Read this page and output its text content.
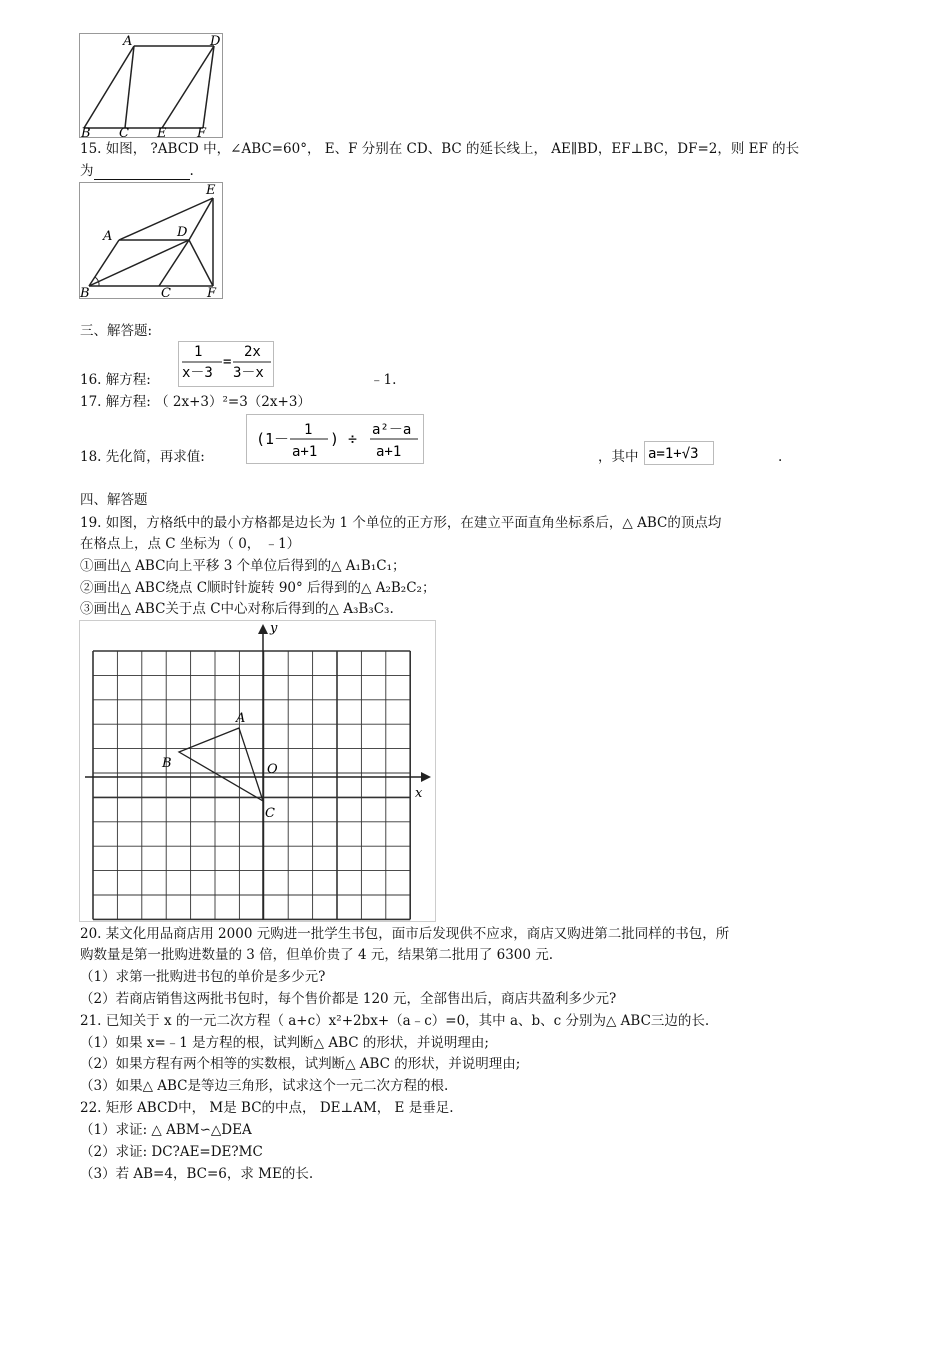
A	D
B C E F
15. 如图， ?ABCD 中，∠ABC=60°， E、F 分别在 CD、BC 的延长线上， AE∥BD，EF⊥BC，DF=2，则 EF 的长
为	.
A	D
E
B	C	F
三、解答题:
1
x－3
=
2x
3－x
16. 解方程:	﹣1.
17. 解方程: （ 2x+3）²=3（2x+3）
(1－ 1
a+1
) ÷ a²－a
a+1
18. 先化简，再求值:	，其中 a=1+√3	.
四、解答题
19. 如图，方格纸中的最小方格都是边长为 1 个单位的正方形，在建立平面直角坐标系后，△ ABC的顶点均
在格点上，点 C 坐标为（ 0， ﹣1）
①画出△ ABC向上平移 3 个单位后得到的△ A₁B₁C₁；
②画出△ ABC绕点 C顺时针旋转 90° 后得到的△ A₂B₂C₂；
③画出△ ABC关于点 C中心对称后得到的△ A₃B₃C₃.
A
B
C
O
x
y
20. 某文化用品商店用 2000 元购进一批学生书包，面市后发现供不应求，商店又购进第二批同样的书包，所
购数量是第一批购进数量的 3 倍，但单价贵了 4 元，结果第二批用了 6300 元.
（1）求第一批购进书包的单价是多少元?
（2）若商店销售这两批书包时，每个售价都是 120 元，全部售出后，商店共盈利多少元?
21. 已知关于 x 的一元二次方程（ a+c）x²+2bx+（a﹣c）=0，其中 a、b、c 分别为△ ABC三边的长.
（1）如果 x=﹣1 是方程的根，试判断△ ABC 的形状，并说明理由;
（2）如果方程有两个相等的实数根，试判断△ ABC 的形状，并说明理由;
（3）如果△ ABC是等边三角形，试求这个一元二次方程的根.
22. 矩形 ABCD中， M是 BC的中点， DE⊥AM， E 是垂足.
（1）求证: △ ABM∽△DEA
（2）求证: DC?AE=DE?MC
（3）若 AB=4，BC=6，求 ME的长.
